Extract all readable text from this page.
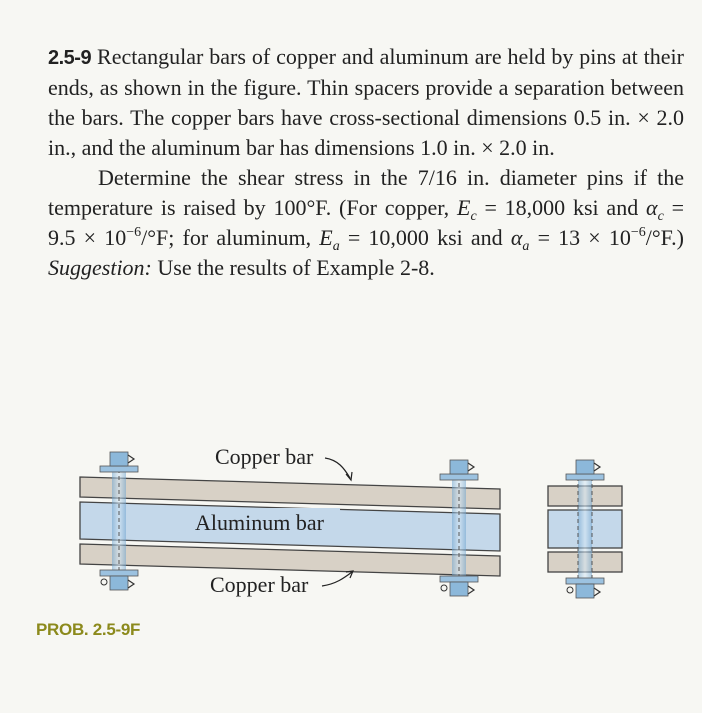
2.5-9 Rectangular bars of copper and aluminum are held by pins at their ends, as shown in the figure. Thin spacers provide a separation between the bars. The copper bars have cross-sectional dimensions 0.5 in. × 2.0 in., and the aluminum bar has dimensions 1.0 in. × 2.0 in.

Determine the shear stress in the 7/16 in. diameter pins if the temperature is raised by 100°F. (For copper, $E_c = 18,000$ ksi and $\alpha_c = 9.5 \times 10^{-6}/^\circ F$; for aluminum, $E_a = 10,000$ ksi and $\alpha_a = 13 \times 10^{-6}/^\circ F$.) Suggestion: Use the results of Example 2-8.

Copper bar
Aluminum bar
Copper bar
PROB. 2.5-9F
